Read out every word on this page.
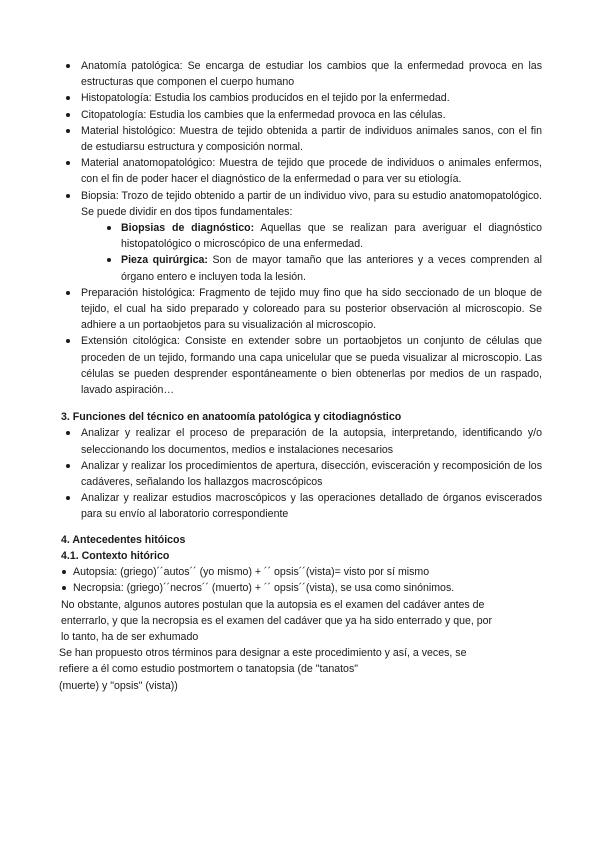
Anatomía patológica: Se encarga de estudiar los cambios que la enfermedad provoca en las estructuras que componen el cuerpo humano
Histopatología: Estudia los cambios producidos en el tejido por la enfermedad.
Citopatología: Estudia los cambies que la enfermedad provoca en las células.
Material histológico: Muestra de tejido obtenida a partir de individuos animales sanos, con el fin de estudiarsu estructura y composición normal.
Material anatomopatológico: Muestra de tejido que procede de individuos o animales enfermos, con el fin de poder hacer el diagnóstico de la enfermedad o para ver su etiología.
Biopsia: Trozo de tejido obtenido a partir de un individuo vivo, para su estudio anatomopatológico. Se puede dividir en dos tipos fundamentales:
Biopsias de diagnóstico: Aquellas que se realizan para averiguar el diagnóstico histopatológico o microscópico de una enfermedad.
Pieza quirúrgica: Son de mayor tamaño que las anteriores y a veces comprenden al órgano entero e incluyen toda la lesión.
Preparación histológica: Fragmento de tejido muy fino que ha sido seccionado de un bloque de tejido, el cual ha sido preparado y coloreado para su posterior observación al microscopio. Se adhiere a un portaobjetos para su visualización al microscopio.
Extensión citológica: Consiste en extender sobre un portaobjetos un conjunto de células que proceden de un tejido, formando una capa unicelular que se pueda visualizar al microscopio. Las células se pueden desprender espontáneamente o bien obtenerlas por medios de un raspado, lavado aspiración…
3. Funciones del técnico en anatoomía patológica y citodiagnóstico
Analizar y realizar el proceso de preparación de la autopsia, interpretando, identificando y/o seleccionando los documentos, medios e instalaciones necesarios
Analizar y realizar los procedimientos de apertura, disección, evisceración y recomposición de los cadáveres, señalando los hallazgos macroscópicos
Analizar y realizar estudios macroscópicos y las operaciones detallado de órganos eviscerados para su envío al laboratorio correspondiente
4. Antecedentes hitóicos
4.1. Contexto hitórico
Autopsia: (griego)´´autos´´ (yo mismo) + ´´ opsis´´(vista)= visto por sí mismo
Necropsia: (griego)´´necros´´ (muerto) + ´´ opsis´´(vista), se usa como sinónimos.
No obstante, algunos autores postulan que la autopsia es el examen del cadáver antes de
enterrarlo, y que la necropsia es el examen del cadáver que ya ha sido enterrado y que, por
lo tanto, ha de ser exhumado
Se han propuesto otros términos para designar a este procedimiento y así, a veces, se
refiere a él como estudio postmortem o tanatopsia (de "tanatos"
(muerte) y "opsis" (vista))
